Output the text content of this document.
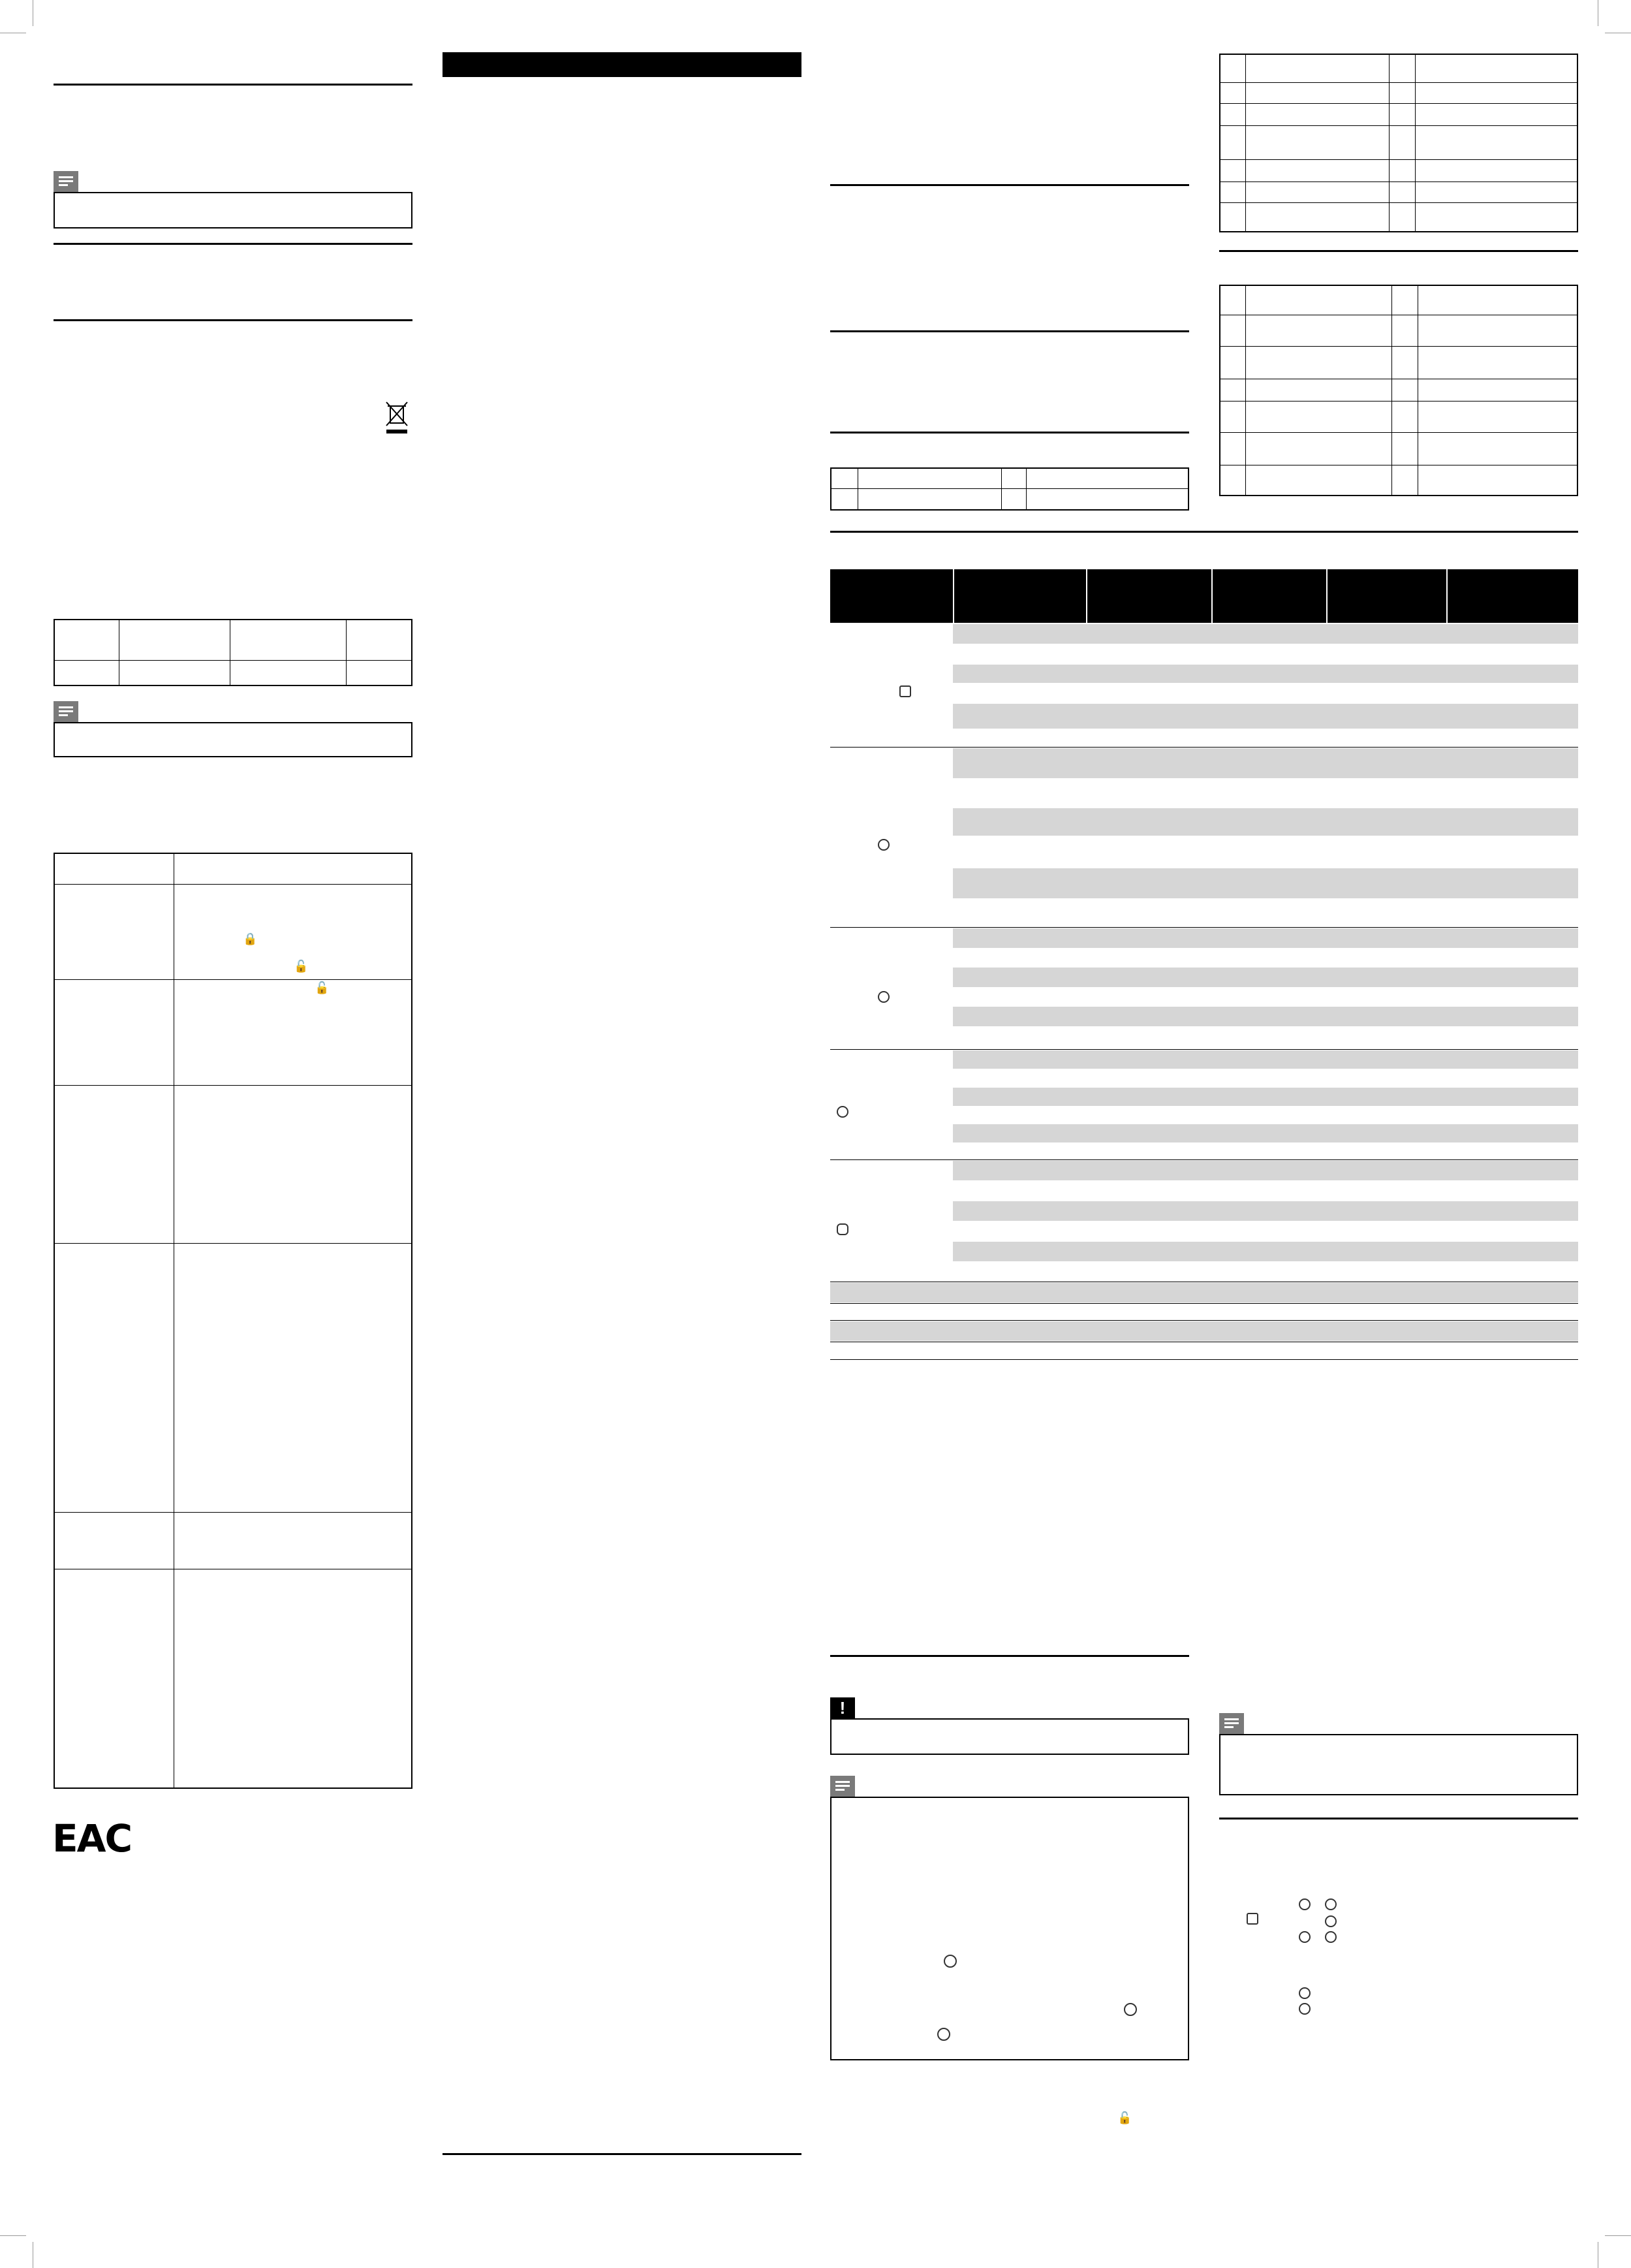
🔒
🔓
🔓
EAC
!
🔓
